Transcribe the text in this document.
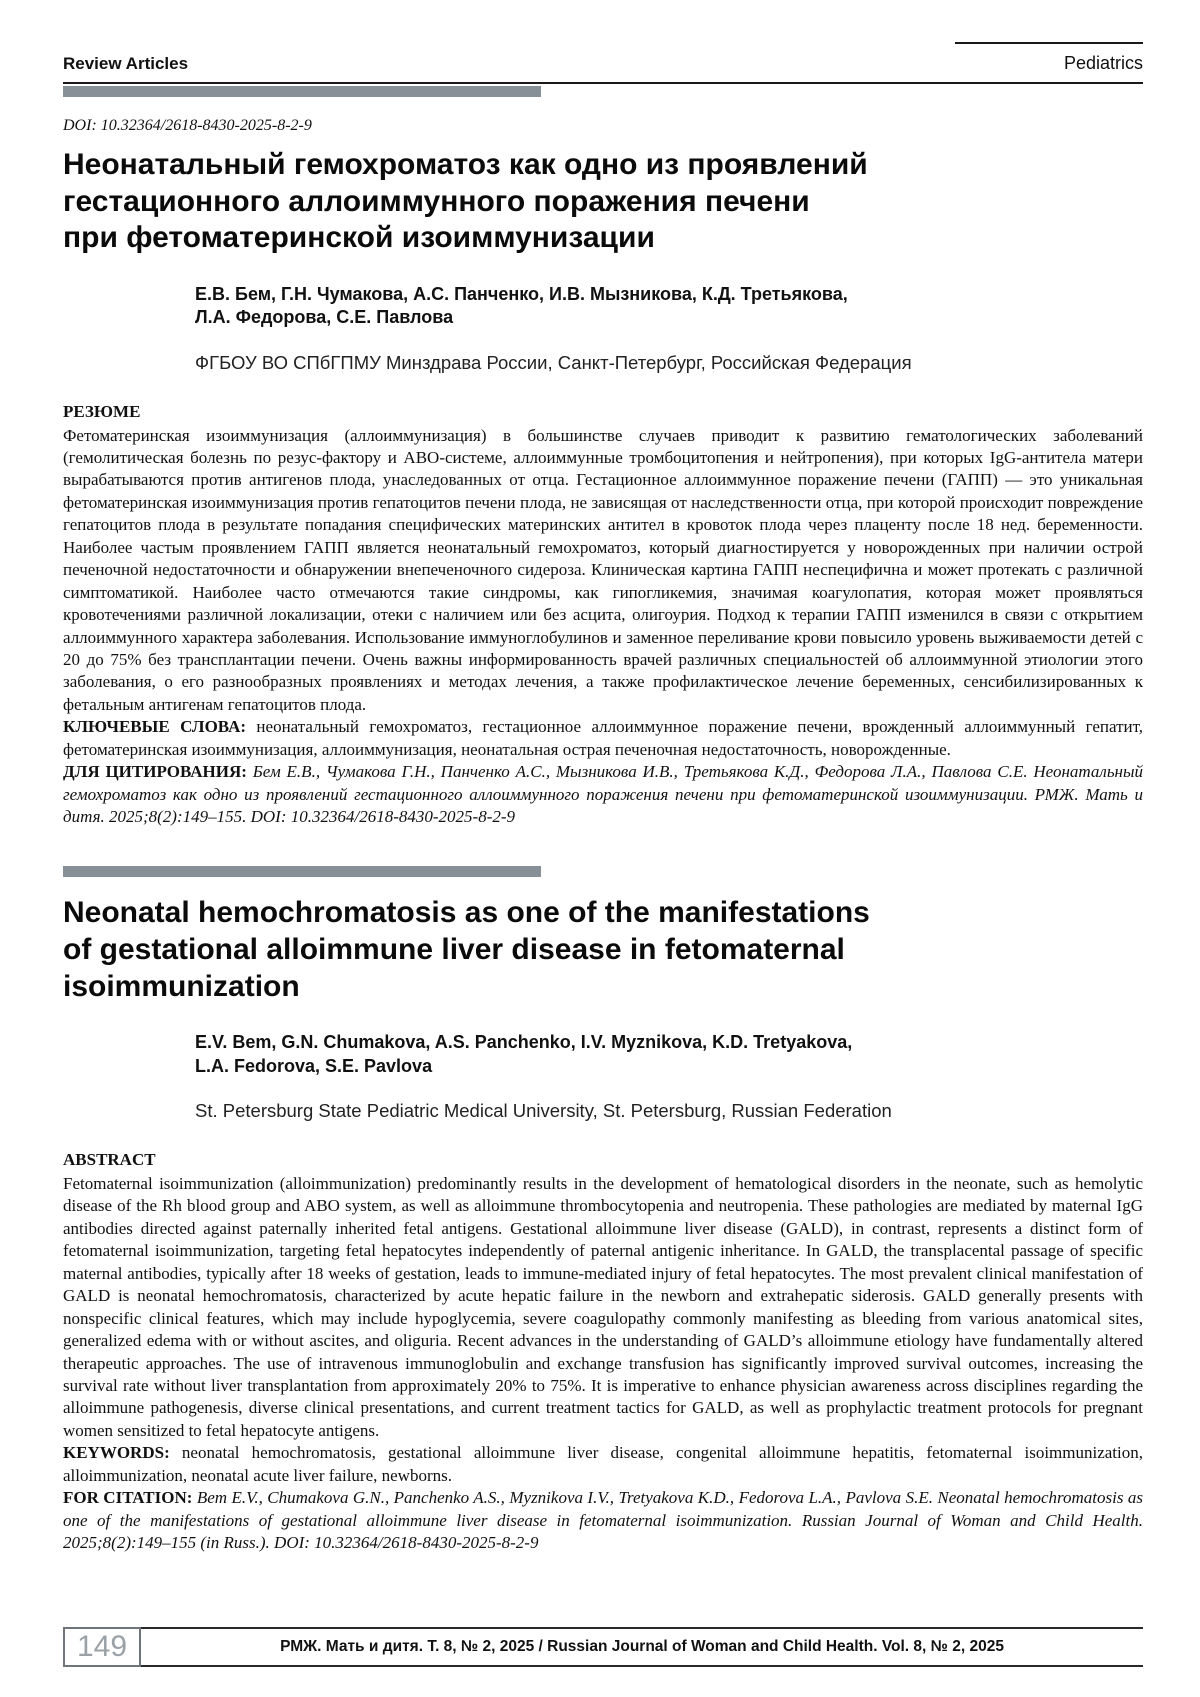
Review Articles	Pediatrics

DOI: 10.32364/2618-8430-2025-8-2-9

Неонатальный гемохроматоз как одно из проявлений
гестационного аллоиммунного поражения печени
при фетоматеринской изоиммунизации

Е.В. Бем, Г.Н. Чумакова, А.С. Панченко, И.В. Мызникова, К.Д. Третьякова,
Л.А. Федорова, С.Е. Павлова

ФГБОУ ВО СПбГПМУ Минздрава России, Санкт-Петербург, Российская Федерация

РЕЗЮМЕ

Фетоматеринская изоиммунизация (аллоиммунизация) в большинстве случаев приводит к развитию гематологических заболеваний (гемолитическая болезнь по резус-фактору и АВО-системе, аллоиммунные тромбоцитопения и нейтропения), при которых IgG-антитела матери вырабатываются против антигенов плода, унаследованных от отца. Гестационное аллоиммунное поражение печени (ГАПП) — это уникальная фетоматеринская изоиммунизация против гепатоцитов печени плода, не зависящая от наследственности отца, при которой происходит повреждение гепатоцитов плода в результате попадания специфических материнских антител в кровоток плода через плаценту после 18 нед. беременности. Наиболее частым проявлением ГАПП является неонатальный гемохроматоз, который диагностируется у новорожденных при наличии острой печеночной недостаточности и обнаружении внепеченочного сидероза. Клиническая картина ГАПП неспецифична и может протекать с различной симптоматикой. Наиболее часто отмечаются такие синдромы, как гипогликемия, значимая коагулопатия, которая может проявляться кровотечениями различной локализации, отеки с наличием или без асцита, олигоурия. Подход к терапии ГАПП изменился в связи с открытием аллоиммунного характера заболевания. Использование иммуноглобулинов и заменное переливание крови повысило уровень выживаемости детей с 20 до 75% без трансплантации печени. Очень важны информированность врачей различных специальностей об аллоиммунной этиологии этого заболевания, о его разнообразных проявлениях и методах лечения, а также профилактическое лечение беременных, сенсибилизированных к фетальным антигенам гепатоцитов плода.

КЛЮЧЕВЫЕ СЛОВА: неонатальный гемохроматоз, гестационное аллоиммунное поражение печени, врожденный аллоиммунный гепатит, фетоматеринская изоиммунизация, аллоиммунизация, неонатальная острая печеночная недостаточность, новорожденные.

ДЛЯ ЦИТИРОВАНИЯ: Бем Е.В., Чумакова Г.Н., Панченко А.С., Мызникова И.В., Третьякова К.Д., Федорова Л.А., Павлова С.Е. Неонатальный гемохроматоз как одно из проявлений гестационного аллоиммунного поражения печени при фетоматеринской изоиммунизации. РМЖ. Мать и дитя. 2025;8(2):149–155. DOI: 10.32364/2618-8430-2025-8-2-9

Neonatal hemochromatosis as one of the manifestations
of gestational alloimmune liver disease in fetomaternal
isoimmunization

E.V. Bem, G.N. Chumakova, A.S. Panchenko, I.V. Myznikova, K.D. Tretyakova,
L.A. Fedorova, S.E. Pavlova

St. Petersburg State Pediatric Medical University, St. Petersburg, Russian Federation

ABSTRACT

Fetomaternal isoimmunization (alloimmunization) predominantly results in the development of hematological disorders in the neonate, such as hemolytic disease of the Rh blood group and ABO system, as well as alloimmune thrombocytopenia and neutropenia. These pathologies are mediated by maternal IgG antibodies directed against paternally inherited fetal antigens. Gestational alloimmune liver disease (GALD), in contrast, represents a distinct form of fetomaternal isoimmunization, targeting fetal hepatocytes independently of paternal antigenic inheritance. In GALD, the transplacental passage of specific maternal antibodies, typically after 18 weeks of gestation, leads to immune-mediated injury of fetal hepatocytes. The most prevalent clinical manifestation of GALD is neonatal hemochromatosis, characterized by acute hepatic failure in the newborn and extrahepatic siderosis. GALD generally presents with nonspecific clinical features, which may include hypoglycemia, severe coagulopathy commonly manifesting as bleeding from various anatomical sites, generalized edema with or without ascites, and oliguria. Recent advances in the understanding of GALD’s alloimmune etiology have fundamentally altered therapeutic approaches. The use of intravenous immunoglobulin and exchange transfusion has significantly improved survival outcomes, increasing the survival rate without liver transplantation from approximately 20% to 75%. It is imperative to enhance physician awareness across disciplines regarding the alloimmune pathogenesis, diverse clinical presentations, and current treatment tactics for GALD, as well as prophylactic treatment protocols for pregnant women sensitized to fetal hepatocyte antigens.

KEYWORDS: neonatal hemochromatosis, gestational alloimmune liver disease, congenital alloimmune hepatitis, fetomaternal isoimmunization, alloimmunization, neonatal acute liver failure, newborns.

FOR CITATION: Bem E.V., Chumakova G.N., Panchenko A.S., Myznikova I.V., Tretyakova K.D., Fedorova L.A., Pavlova S.E. Neonatal hemochromatosis as one of the manifestations of gestational alloimmune liver disease in fetomaternal isoimmunization. Russian Journal of Woman and Child Health. 2025;8(2):149–155 (in Russ.). DOI: 10.32364/2618-8430-2025-8-2-9

149	РМЖ. Мать и дитя. Т. 8, № 2, 2025 / Russian Journal of Woman and Child Health. Vol. 8, № 2, 2025
